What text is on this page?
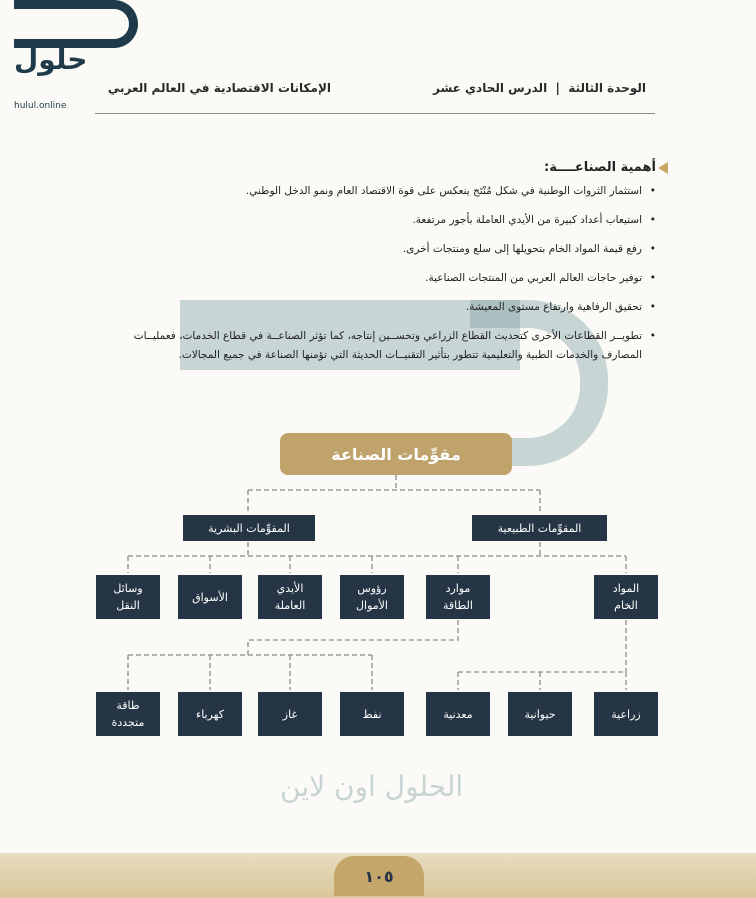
ﺣﻠﻮﻝ
hulul.online
الوحدة الثالثة  |  الدرس الحادي عشر
الإمكانات الاقتصادية في العالم العربي
أهمية الصناعــــة:
• استثمار الثروات الوطنية في شكل مُنْتَج ينعكس على قوة الاقتصاد العام ونمو الدخل الوطني.
• استيعاب أعداد كبيرة من الأيدي العاملة بأجور مرتفعة.
• رفع قيمة المواد الخام بتحويلها إلى سلع ومنتجات أخرى.
• توفير حاجات العالم العربي من المنتجات الصناعية.
• تحقيق الرفاهية وارتفاع مستوى المعيشة.
• تطويــر القطاعات الأخرى كتحديث القطاع الزراعي وتحســين إنتاجه، كما تؤثر الصناعــة في قطاع الخدمات، فعمليــات المصارف والخدمات الطبية والتعليمية تتطور بتأثير التقنيــات الحديثة التي تؤمنها الصناعة في جميع المجالات.
مقوِّمات الصناعة
المقوِّمات الطبيعية
المقوِّمات البشرية
المواد
الخام
موارد
الطاقة
رؤوس
الأموال
الأيدي
العاملة
الأسواق
وسائل
النقل
زراعية
حيوانية
معدنية
نفط
غاز
كهرباء
طاقة
متجددة
الحلول اون لاين
١٠٥
